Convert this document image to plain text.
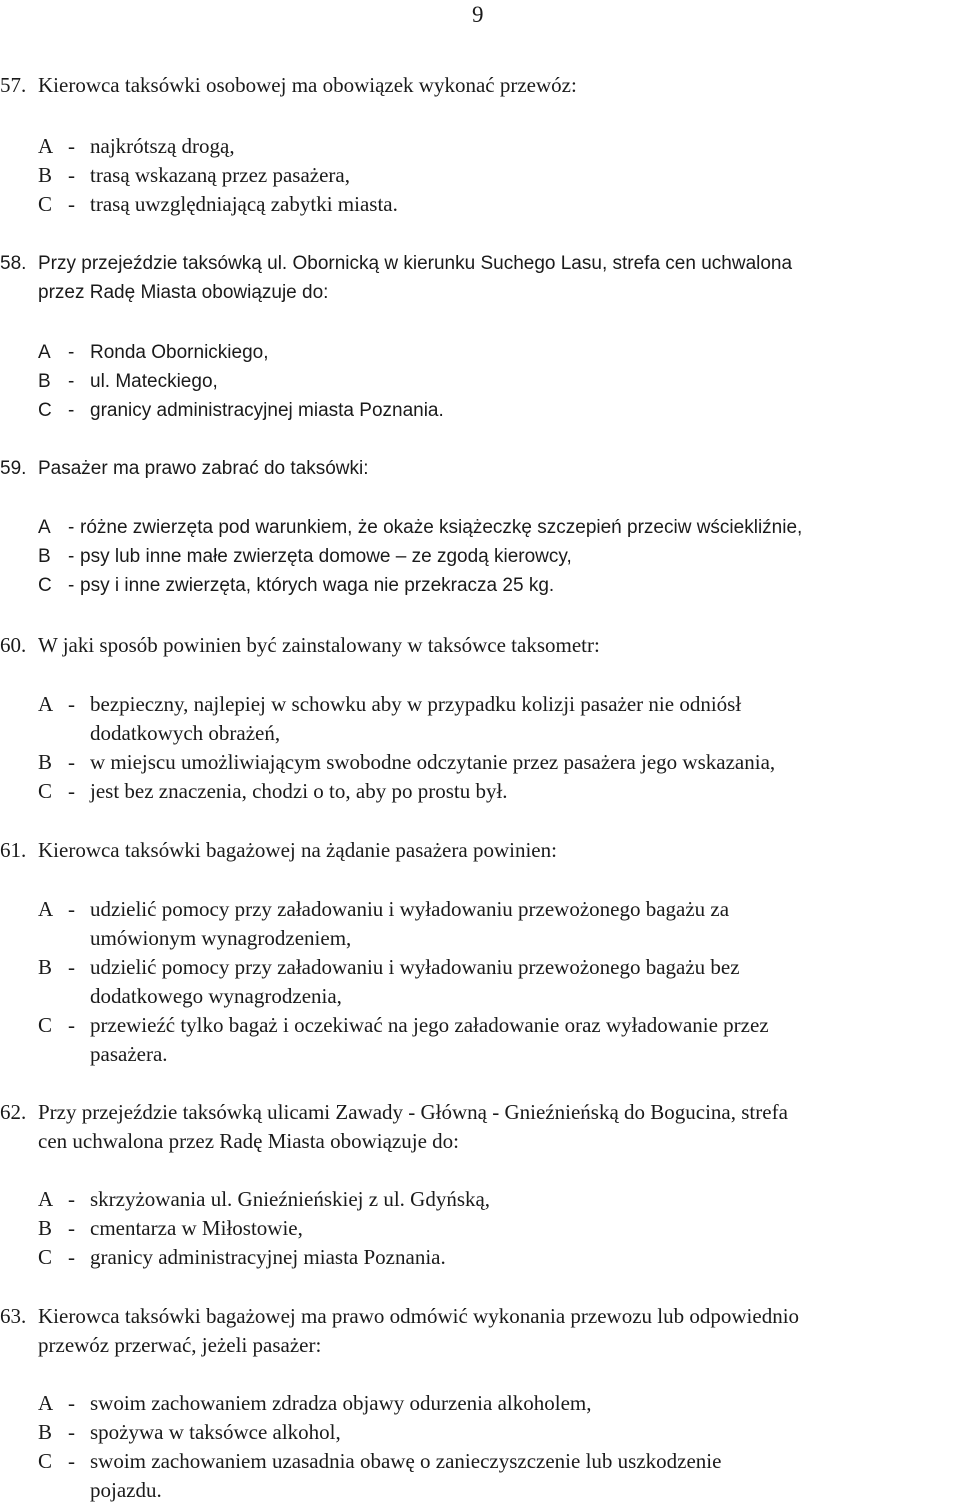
9
57. Kierowca taksówki osobowej ma obowiązek wykonać przewóz:
A - najkrótszą drogą,
B - trasą wskazaną przez pasażera,
C - trasą uwzględniającą zabytki miasta.
58. Przy przejeździe taksówką ul. Obornicką w kierunku Suchego Lasu, strefa cen uchwalona
przez Radę Miasta obowiązuje do:
A - Ronda Obornickiego,
B - ul. Mateckiego,
C - granicy administracyjnej miasta Poznania.
59. Pasażer ma prawo zabrać do taksówki:
A - różne zwierzęta pod warunkiem, że okaże książeczkę szczepień przeciw wściekliźnie,
B - psy lub inne małe zwierzęta domowe – ze zgodą kierowcy,
C - psy i inne zwierzęta, których waga nie przekracza 25 kg.
60. W jaki sposób powinien być zainstalowany w taksówce taksometr:
A - bezpieczny, najlepiej w schowku aby w przypadku kolizji pasażer nie odniósł
dodatkowych obrażeń,
B - w miejscu umożliwiającym swobodne odczytanie przez pasażera jego wskazania,
C - jest bez znaczenia, chodzi o to, aby po prostu był.
61. Kierowca taksówki bagażowej na żądanie pasażera powinien:
A - udzielić pomocy przy załadowaniu i wyładowaniu przewożonego bagażu za
umówionym wynagrodzeniem,
B - udzielić pomocy przy załadowaniu i wyładowaniu przewożonego bagażu bez
dodatkowego wynagrodzenia,
C - przewieźć tylko bagaż i oczekiwać na jego załadowanie oraz wyładowanie przez
pasażera.
62. Przy przejeździe taksówką ulicami Zawady - Główną - Gnieźnieńską do Bogucina, strefa
cen uchwalona przez Radę Miasta obowiązuje do:
A - skrzyżowania ul. Gnieźnieńskiej z ul. Gdyńską,
B - cmentarza w Miłostowie,
C - granicy administracyjnej miasta Poznania.
63. Kierowca taksówki bagażowej ma prawo odmówić wykonania przewozu lub odpowiednio
przewóz przerwać, jeżeli pasażer:
A - swoim zachowaniem zdradza objawy odurzenia alkoholem,
B - spożywa w taksówce alkohol,
C - swoim zachowaniem uzasadnia obawę o zanieczyszczenie lub uszkodzenie
pojazdu.
